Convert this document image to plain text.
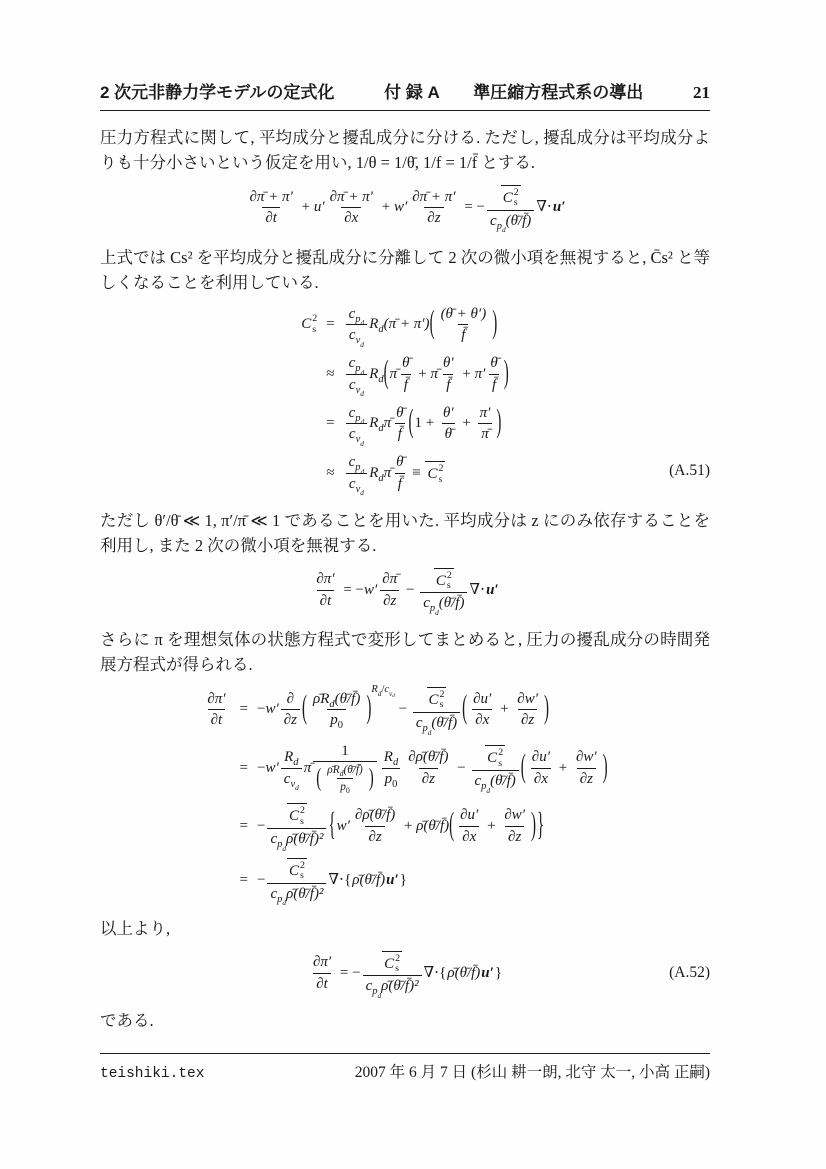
2 次元非静力学モデルの定式化	付 録 A　　準圧縮方程式系の導出	21

圧力方程式に関して, 平均成分と擾乱成分に分ける. ただし, 擾乱成分は平均成分よりも十分小さいという仮定を用い, 1/θ = 1/θ̄, 1/f = 1/f̄ とする.

∂π̄ + π′
∂t
+ u′
∂π̄ + π′
∂x
+ $w' \frac{\partial\pī + \pi'}{\partial z}$ = −
C 2
s
c p d
(θ̄/f̄)
∇⋅ u′

上式では Cs² を平均成分と擾乱成分に分離して 2 次の微小項を無視すると, C̄s² と等しくなることを利用している.

C 2
s =
c p d
c v d
R d (π̄ + π′) ( (θ̄ + θ′)
f̄ )
≈
c p d
c v d
R d ( π̄
θ̄
f̄
+ π̄
θ′
f̄
+ π′
θ̄
f̄ )
=
c p d
c v d
R d π̄
θ̄
f̄ ( $1 + \frac{\theta'}{\thetā} + \frac{\pi'}{\pī}$ )
≈
c p d
c v d
R d π̄
θ̄
f̄
≡ C 2
s
(A.51)

ただし θ′/θ̄ ≪ 1, π′/π̄ ≪ 1 であることを用いた. 平均成分は z にのみ依存することを利用し, また 2 次の微小項を無視する.

$\frac{\partial\pi'}{\partial t}$ = − w′
∂π̄
∂z
−
C 2
s
c p d
(θ̄/f̄)
∇⋅ u′

さらに π を理想気体の状態方程式で変形してまとめると, 圧力の擾乱成分の時間発展方程式が得られる.

∂π′
∂t
= − w′
∂
∂z ( ρ̄R d (θ̄/f̄)
p 0 )
R d / c v d
−
C 2
s
c p d
(θ̄/f̄) ( ∂u′
∂x
+ $\frac{\partial w'}{\partial z}$ )
= − w′
R d
c v d
π̄
1
( ρ̄R d (θ̄/f̄)
p 0 )
R d
p 0
∂ρ̄(θ̄/f̄)
∂z
−
C 2
s
c p d
(θ̄/f̄) ( ∂u′
∂x
+ $\frac{\partial w'}{\partial z}$ )
= −
C 2
s
c p d
ρ̄(θ̄/f̄)² { w′
∂ρ̄(θ̄/f̄)
∂z
+ ρ̄(θ̄/f̄) ( ∂u′
∂x
+ $\frac{\partial w'}{\partial z}$ ) }
= −
C 2
s
c p d
ρ̄(θ̄/f̄)²
∇⋅ { ρ̄(θ̄/f̄) u′ }

以上より,

$\frac{\partial\pi'}{\partial t}$ = −
C 2
s
c p d
ρ̄(θ̄/f̄)²
∇⋅ { ρ̄(θ̄/f̄) u′ }	(A.52)

である.

teishiki.tex	2007 年 6 月 7 日 (杉山 耕一朗, 北守 太一, 小高 正嗣)
